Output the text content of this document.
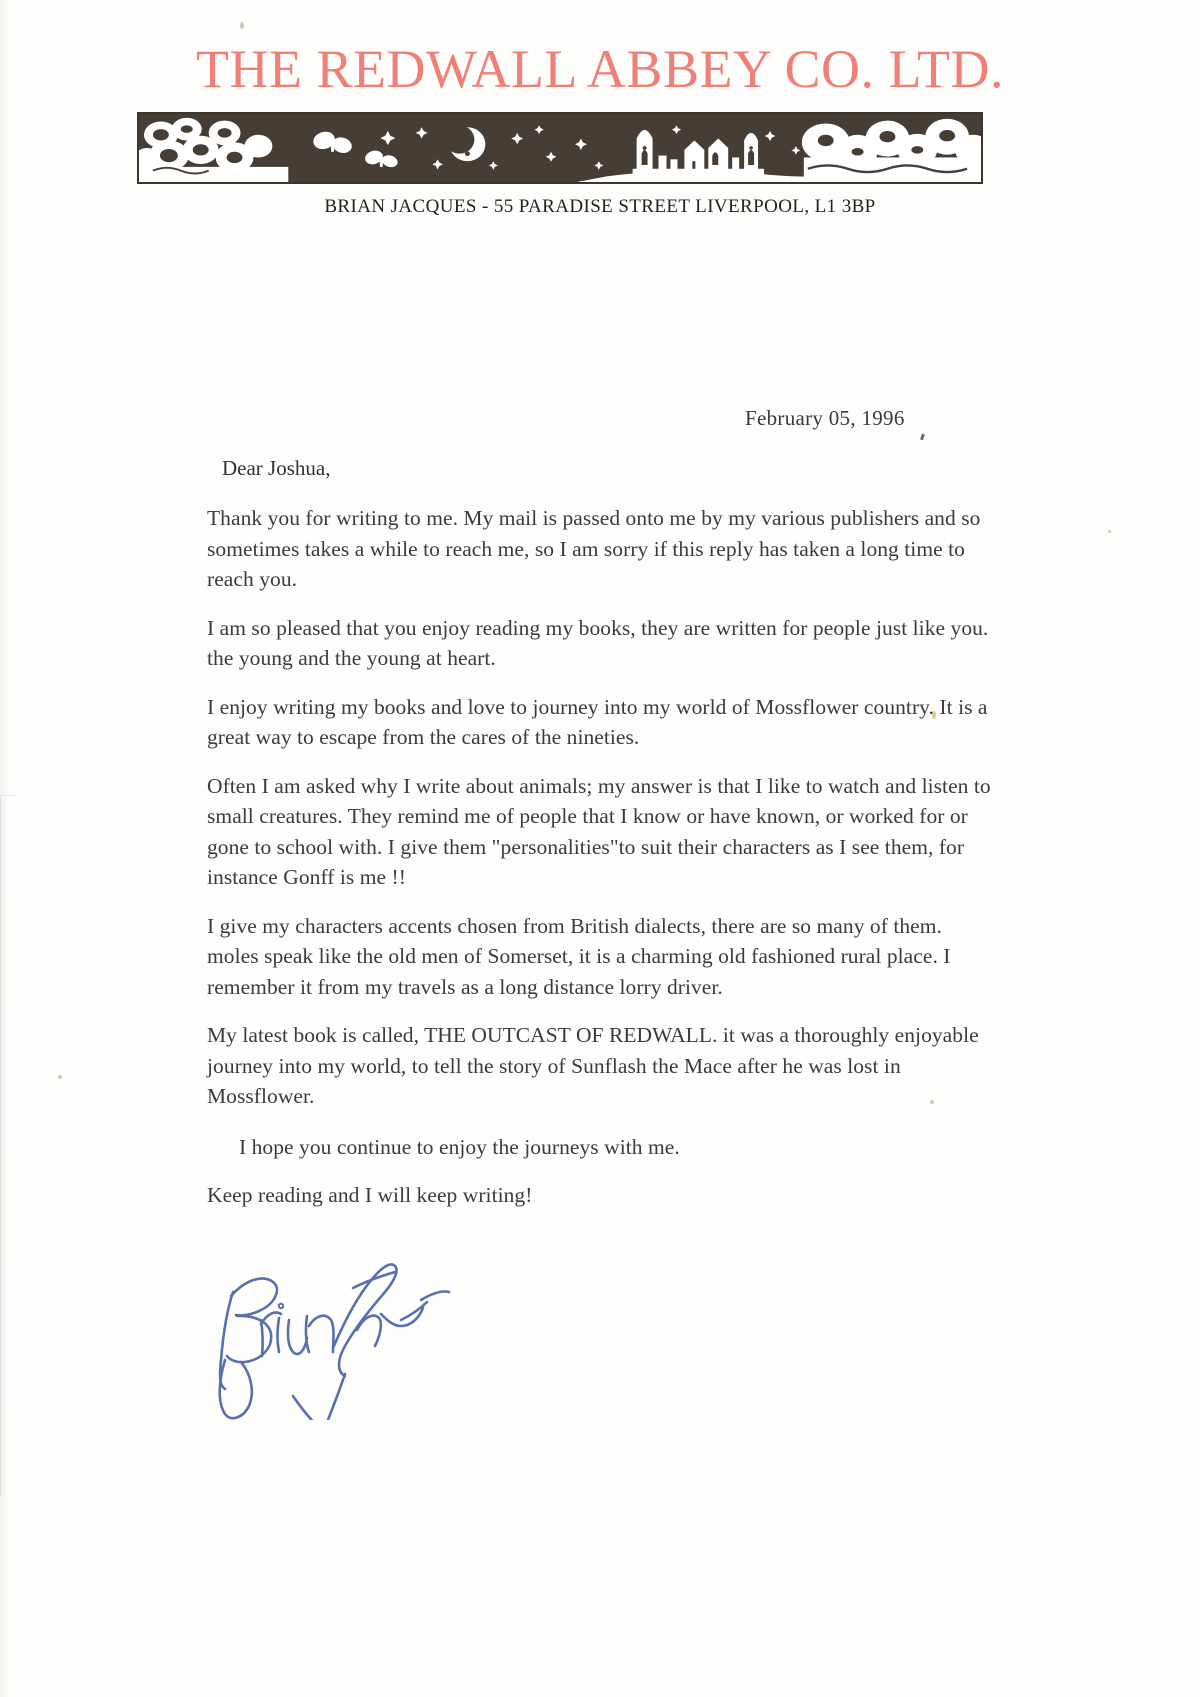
THE REDWALL ABBEY CO. LTD.
BRIAN JACQUES - 55 PARADISE STREET LIVERPOOL, L1 3BP
February 05, 1996
Dear Joshua,

Thank you for writing to me. My mail is passed onto me by my various publishers and so sometimes takes a while to reach me, so I am sorry if this reply has taken a long time to reach you.

I am so pleased that you enjoy reading my books, they are written for people just like you. the young and the young at heart.

I enjoy writing my books and love to journey into my world of Mossflower country. It is a great way to escape from the cares of the nineties.

Often I am asked why I write about animals; my answer is that I like to watch and listen to small creatures. They remind me of people that I know or have known, or worked for or gone to school with. I give them "personalities"to suit their characters as I see them, for instance Gonff is me !!

I give my characters accents chosen from British dialects, there are so many of them. moles speak like the old men of Somerset, it is a charming old fashioned rural place. I remember it from my travels as a long distance lorry driver.

My latest book is called, THE OUTCAST OF REDWALL. it was a thoroughly enjoyable journey into my world, to tell the story of Sunflash the Mace after he was lost in Mossflower.

I hope you continue to enjoy the journeys with me.

Keep reading and I will keep writing!
